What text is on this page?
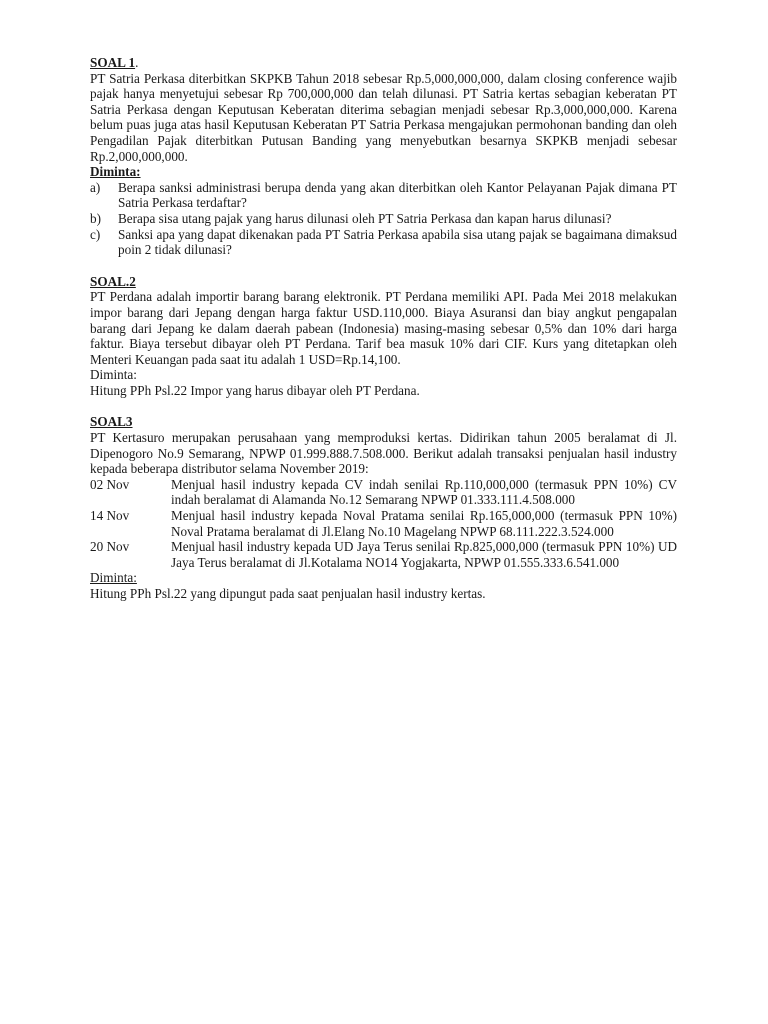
SOAL 1.
PT Satria Perkasa diterbitkan SKPKB Tahun 2018 sebesar Rp.5,000,000,000, dalam closing conference wajib pajak hanya menyetujui sebesar Rp 700,000,000 dan telah dilunasi. PT Satria kertas sebagian keberatan PT Satria Perkasa dengan Keputusan Keberatan diterima sebagian menjadi sebesar Rp.3,000,000,000. Karena belum puas juga atas hasil Keputusan Keberatan PT Satria Perkasa mengajukan permohonan banding dan oleh Pengadilan Pajak diterbitkan Putusan Banding yang menyebutkan besarnya SKPKB menjadi sebesar Rp.2,000,000,000.
Diminta:
a)	Berapa sanksi administrasi berupa denda yang akan diterbitkan oleh Kantor Pelayanan Pajak dimana PT Satria Perkasa terdaftar?
b)	Berapa sisa utang pajak yang harus dilunasi oleh PT Satria Perkasa dan kapan harus dilunasi?
c)	Sanksi apa yang dapat dikenakan pada PT Satria Perkasa apabila sisa utang pajak se bagaimana dimaksud poin 2 tidak dilunasi?
SOAL.2
PT Perdana adalah importir barang barang elektronik. PT Perdana memiliki API. Pada Mei 2018 melakukan impor barang dari Jepang dengan harga faktur USD.110,000. Biaya Asuransi dan biay angkut pengapalan barang dari Jepang ke dalam daerah pabean (Indonesia) masing-masing sebesar 0,5% dan 10% dari harga faktur. Biaya tersebut dibayar oleh PT Perdana. Tarif bea masuk 10% dari CIF. Kurs yang ditetapkan oleh Menteri Keuangan pada saat itu adalah 1 USD=Rp.14,100.
Diminta:
Hitung PPh Psl.22 Impor yang harus dibayar oleh PT Perdana.
SOAL3
PT Kertasuro merupakan perusahaan yang memproduksi kertas. Didirikan tahun 2005 beralamat di Jl. Dipenogoro No.9 Semarang, NPWP 01.999.888.7.508.000. Berikut adalah transaksi penjualan hasil industry kepada beberapa distributor selama November 2019:
02 Nov	Menjual hasil industry kepada CV indah senilai Rp.110,000,000 (termasuk PPN 10%) CV indah beralamat di Alamanda No.12 Semarang NPWP 01.333.111.4.508.000
14 Nov	Menjual hasil industry kepada Noval Pratama senilai Rp.165,000,000 (termasuk PPN 10%) Noval Pratama beralamat di Jl.Elang No.10 Magelang NPWP 68.111.222.3.524.000
20 Nov	Menjual hasil industry kepada UD Jaya Terus senilai Rp.825,000,000 (termasuk PPN 10%) UD Jaya Terus beralamat di Jl.Kotalama NO14 Yogjakarta, NPWP 01.555.333.6.541.000
Diminta:
Hitung PPh Psl.22 yang dipungut pada saat penjualan hasil industry kertas.
